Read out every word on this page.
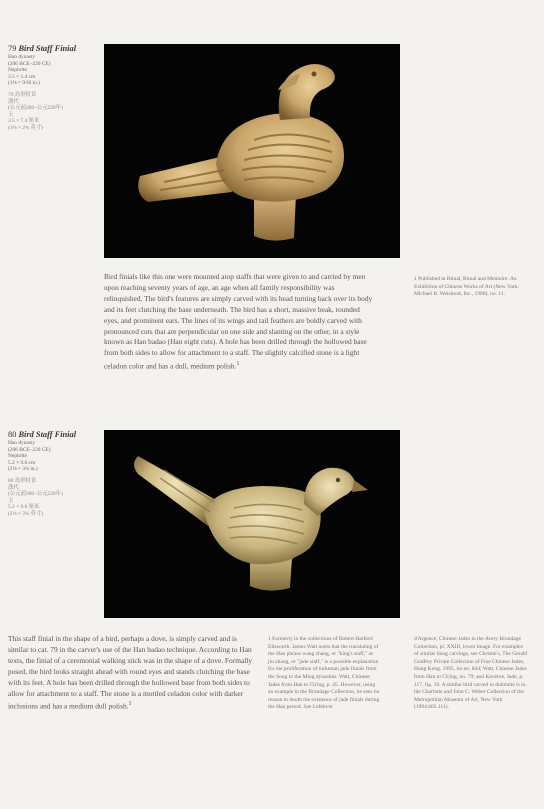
79 Bird Staff Finial
Han dynasty
(206 BCE–220 CE)
Nephrite
3.5 × 1.4 cm
(1⅜ × 9⁄16 in.)
79 鳥形杖首
漢代
(公元前206–公元220年)
玉
3.5 × 7.4 厘米
(1⅜ × 2¾ 英寸)

Bird finials like this one were mounted atop staffs that were given to and carried by men upon reaching seventy years of age, an age when all family responsibility was relinquished. The bird's features are simply carved with its head turning back over its body and its feet clutching the base underneath. The bird has a short, massive beak, rounded eyes, and prominent ears. The lines of its wings and tail feathers are boldly carved with pronounced cuts that are perpendicular on one side and slanting on the other, in a style known as Han badao (Han eight cuts). A hole has been drilled through the hollowed base from both sides to allow for attachment to a staff. The slightly calcified stone is a light celadon color and has a dull, medium polish.$^1$

1 Published in Ritual, Ritual and Memoire: An Exhibition of Chinese Works of Art (New York: Michael B. Weisbrod, Inc., 1980), no. 11.

80 Bird Staff Finial
Han dynasty
(206 BCE–220 CE)
Nephrite
5.2 × 9.6 cm
(2⅛ × 3¾ in.)
80 鳥形杖首
漢代
(公元前206–公元220年)
玉
5.2 × 9.6 厘米
(2⅛ × 3¾ 英寸)

This staff finial in the shape of a bird, perhaps a dove, is simply carved and is similar to cat. 79 in the carver's use of the Han badao technique. According to Han texts, the finial of a ceremonial walking stick was in the shape of a dove. Formally posed, the bird looks straight ahead with round eyes and stands clutching the base with its feet. A hole has been drilled through the hollowed base from both sides to allow for attachment to a staff. The stone is a mottled celadon color with darker inclusions and has a medium dull polish.$^1$

1 Formerly in the collections of Robert Harford Ellsworth. James Watt notes that the translating of the Han phrase wang zhang, or "king's staff," as jiu zhang, or "jade staff," is a possible explanation for the proliferation of turkestan jade finials from the Song to the Ming dynasties. Watt, Chinese Jades from Han to Ch'ing, p. 45. However, using an example in the Brundage Collection, he sees no reason to doubt the existence of jade finials during the Han period. See Lefebvre

d'Argencé, Chinese Jades in the Avery Brundage Collection, pl. XXIII, lower image. For examples of similar Song carvings, see Christie's, The Gerald Godfrey Private Collection of Fine Chinese Jades, Hong Kong, 1995, lot no. 844; Watt, Chinese Jades from Han to Ch'ing, no. 79; and Keverne, Jade, p. 117, fig. 10. A similar bird carved in dolomite is in the Charlotte and John C. Weber Collection of the Metropolitan Museum of Art, New York (1994.605.111).
